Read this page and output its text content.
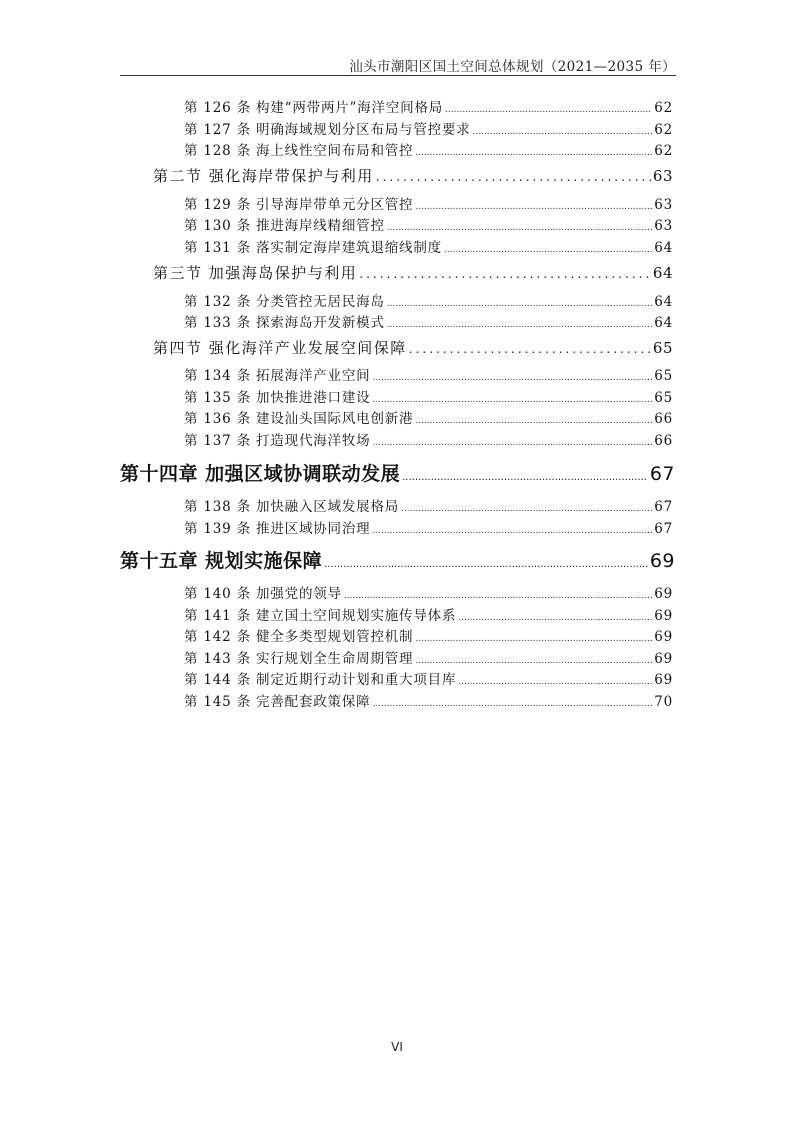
汕头市潮阳区国土空间总体规划（2021—2035 年）
第 126 条 构建“两带两片”海洋空间格局 .....	62
第 127 条 明确海域规划分区布局与管控要求 .....	62
第 128 条 海上线性空间布局和管控 .....	62
第二节 强化海岸带保护与利用 .....	63
第 129 条 引导海岸带单元分区管控 .....	63
第 130 条 推进海岸线精细管控 .....	63
第 131 条 落实制定海岸建筑退缩线制度 .....	64
第三节 加强海岛保护与利用 .....	64
第 132 条 分类管控无居民海岛 .....	64
第 133 条 探索海岛开发新模式 .....	64
第四节 强化海洋产业发展空间保障 .....	65
第 134 条 拓展海洋产业空间 .....	65
第 135 条 加快推进港口建设 .....	65
第 136 条 建设汕头国际风电创新港 .....	66
第 137 条 打造现代海洋牧场 .....	66
第十四章 加强区域协调联动发展 .....	67
第 138 条 加快融入区域发展格局 .....	67
第 139 条 推进区域协同治理 .....	67
第十五章 规划实施保障 .....	69
第 140 条 加强党的领导 .....	69
第 141 条 建立国土空间规划实施传导体系 .....	69
第 142 条 健全多类型规划管控机制 .....	69
第 143 条 实行规划全生命周期管理 .....	69
第 144 条 制定近期行动计划和重大项目库 .....	69
第 145 条 完善配套政策保障 .....	70
VI
